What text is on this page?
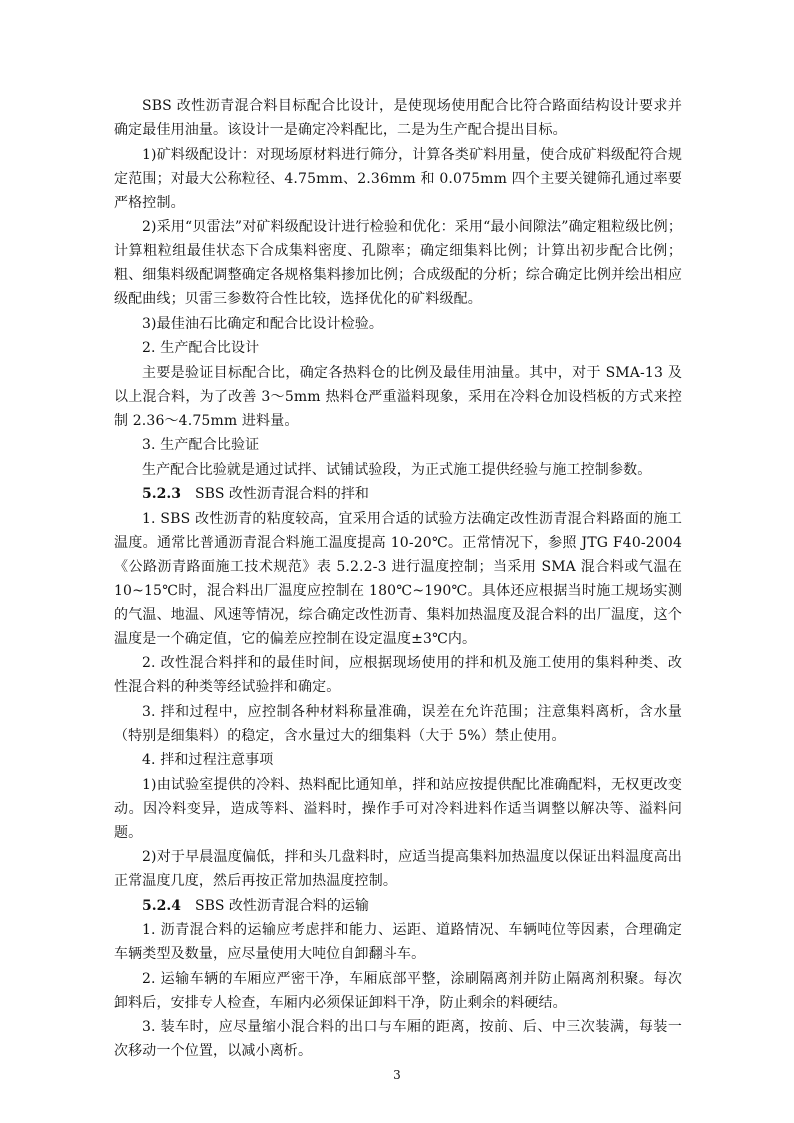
SBS 改性沥青混合料目标配合比设计，是使现场使用配合比符合路面结构设计要求并确定最佳用油量。该设计一是确定冷料配比，二是为生产配合提出目标。

1)矿料级配设计：对现场原材料进行筛分，计算各类矿料用量，使合成矿料级配符合规定范围；对最大公称粒径、4.75mm、2.36mm 和 0.075mm 四个主要关键筛孔通过率要严格控制。

2)采用“贝雷法”对矿料级配设计进行检验和优化：采用“最小间隙法”确定粗粒级比例；计算粗粒组最佳状态下合成集料密度、孔隙率；确定细集料比例；计算出初步配合比例；粗、细集料级配调整确定各规格集料掺加比例；合成级配的分析；综合确定比例并绘出相应级配曲线；贝雷三参数符合性比较，选择优化的矿料级配。

3)最佳油石比确定和配合比设计检验。

2. 生产配合比设计

主要是验证目标配合比，确定各热料仓的比例及最佳用油量。其中，对于 SMA-13 及以上混合料，为了改善 3～5mm 热料仓严重溢料现象，采用在冷料仓加设档板的方式来控制 2.36～4.75mm 进料量。

3. 生产配合比验证

生产配合比验就是通过试拌、试铺试验段，为正式施工提供经验与施工控制参数。

5.2.3 SBS 改性沥青混合料的拌和

1. SBS 改性沥青的粘度较高，宜采用合适的试验方法确定改性沥青混合料路面的施工温度。通常比普通沥青混合料施工温度提高 10-20℃。正常情况下，参照 JTG F40-2004《公路沥青路面施工技术规范》表 5.2.2-3 进行温度控制；当采用 SMA 混合料或气温在 10~15℃时，混合料出厂温度应控制在 180℃~190℃。具体还应根据当时施工规场实测的气温、地温、风速等情况，综合确定改性沥青、集料加热温度及混合料的出厂温度，这个温度是一个确定值，它的偏差应控制在设定温度±3℃内。

2. 改性混合料拌和的最佳时间，应根据现场使用的拌和机及施工使用的集料种类、改性混合料的种类等经试验拌和确定。

3. 拌和过程中，应控制各种材料称量准确，误差在允许范围；注意集料离析，含水量（特别是细集料）的稳定，含水量过大的细集料（大于 5%）禁止使用。

4. 拌和过程注意事项

1)由试验室提供的冷料、热料配比通知单，拌和站应按提供配比准确配料，无权更改变动。因冷料变异，造成等料、溢料时，操作手可对冷料进料作适当调整以解决等、溢料问题。

2)对于早晨温度偏低，拌和头几盘料时，应适当提高集料加热温度以保证出料温度高出正常温度几度，然后再按正常加热温度控制。

5.2.4 SBS 改性沥青混合料的运输

1. 沥青混合料的运输应考虑拌和能力、运距、道路情况、车辆吨位等因素，合理确定车辆类型及数量，应尽量使用大吨位自卸翻斗车。

2. 运输车辆的车厢应严密干净，车厢底部平整，涂刷隔离剂并防止隔离剂积聚。每次卸料后，安排专人检查，车厢内必须保证卸料干净，防止剩余的料硬结。

3. 装车时，应尽量缩小混合料的出口与车厢的距离，按前、后、中三次装满，每装一次移动一个位置，以减小离析。

3
